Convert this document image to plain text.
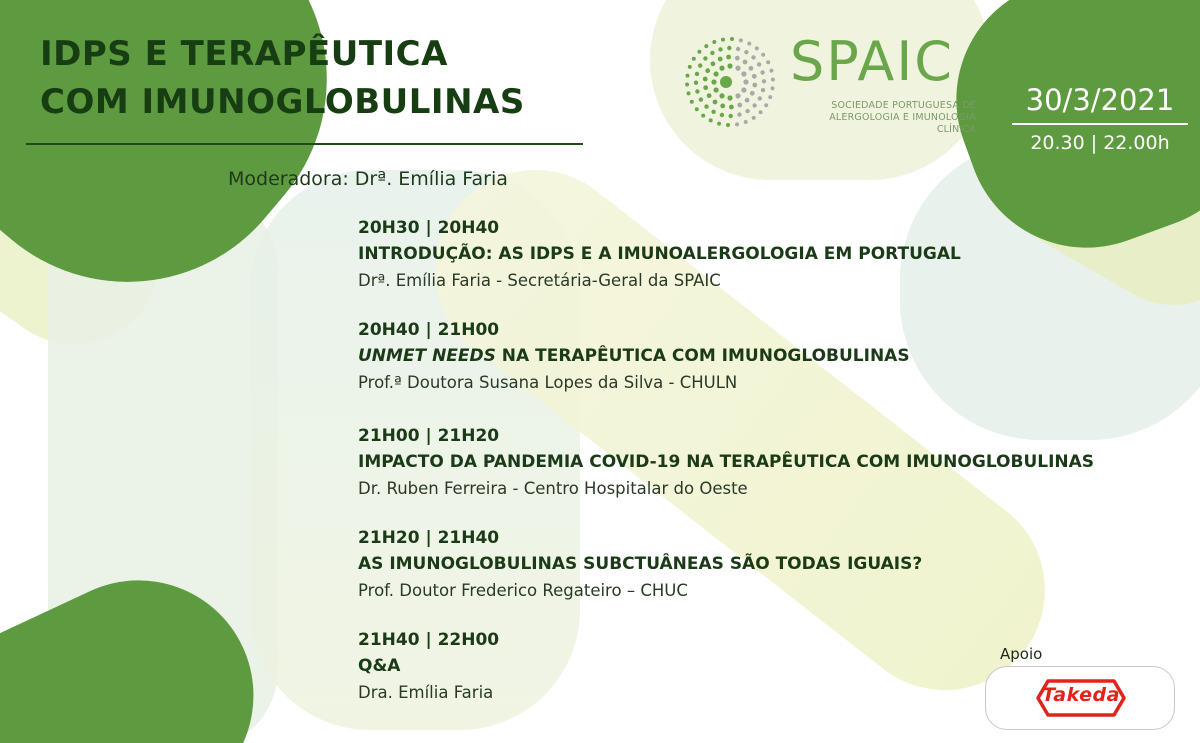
IDPS E TERAPÊUTICA
COM IMUNOGLOBULINAS
Moderadora: Drª. Emília Faria
SPAIC
SOCIEDADE PORTUGUESA DE
ALERGOLOGIA E IMUNOLOGIA CLÍNICA
30/3/2021
20.30 | 22.00h
20H30 | 20H40
INTRODUÇÃO: AS IDPS E A IMUNOALERGOLOGIA EM PORTUGAL
Drª. Emília Faria - Secretária-Geral da SPAIC
20H40 | 21H00
UNMET NEEDS NA TERAPÊUTICA COM IMUNOGLOBULINAS
Prof.ª Doutora Susana Lopes da Silva - CHULN
21H00 | 21H20
IMPACTO DA PANDEMIA COVID-19 NA TERAPÊUTICA COM IMUNOGLOBULINAS
Dr. Ruben Ferreira - Centro Hospitalar do Oeste
21H20 | 21H40
AS IMUNOGLOBULINAS SUBCTUÂNEAS SÃO TODAS IGUAIS?
Prof. Doutor Frederico Regateiro – CHUC
21H40 | 22H00
Q&A
Dra. Emília Faria
Apoio
Takeda
